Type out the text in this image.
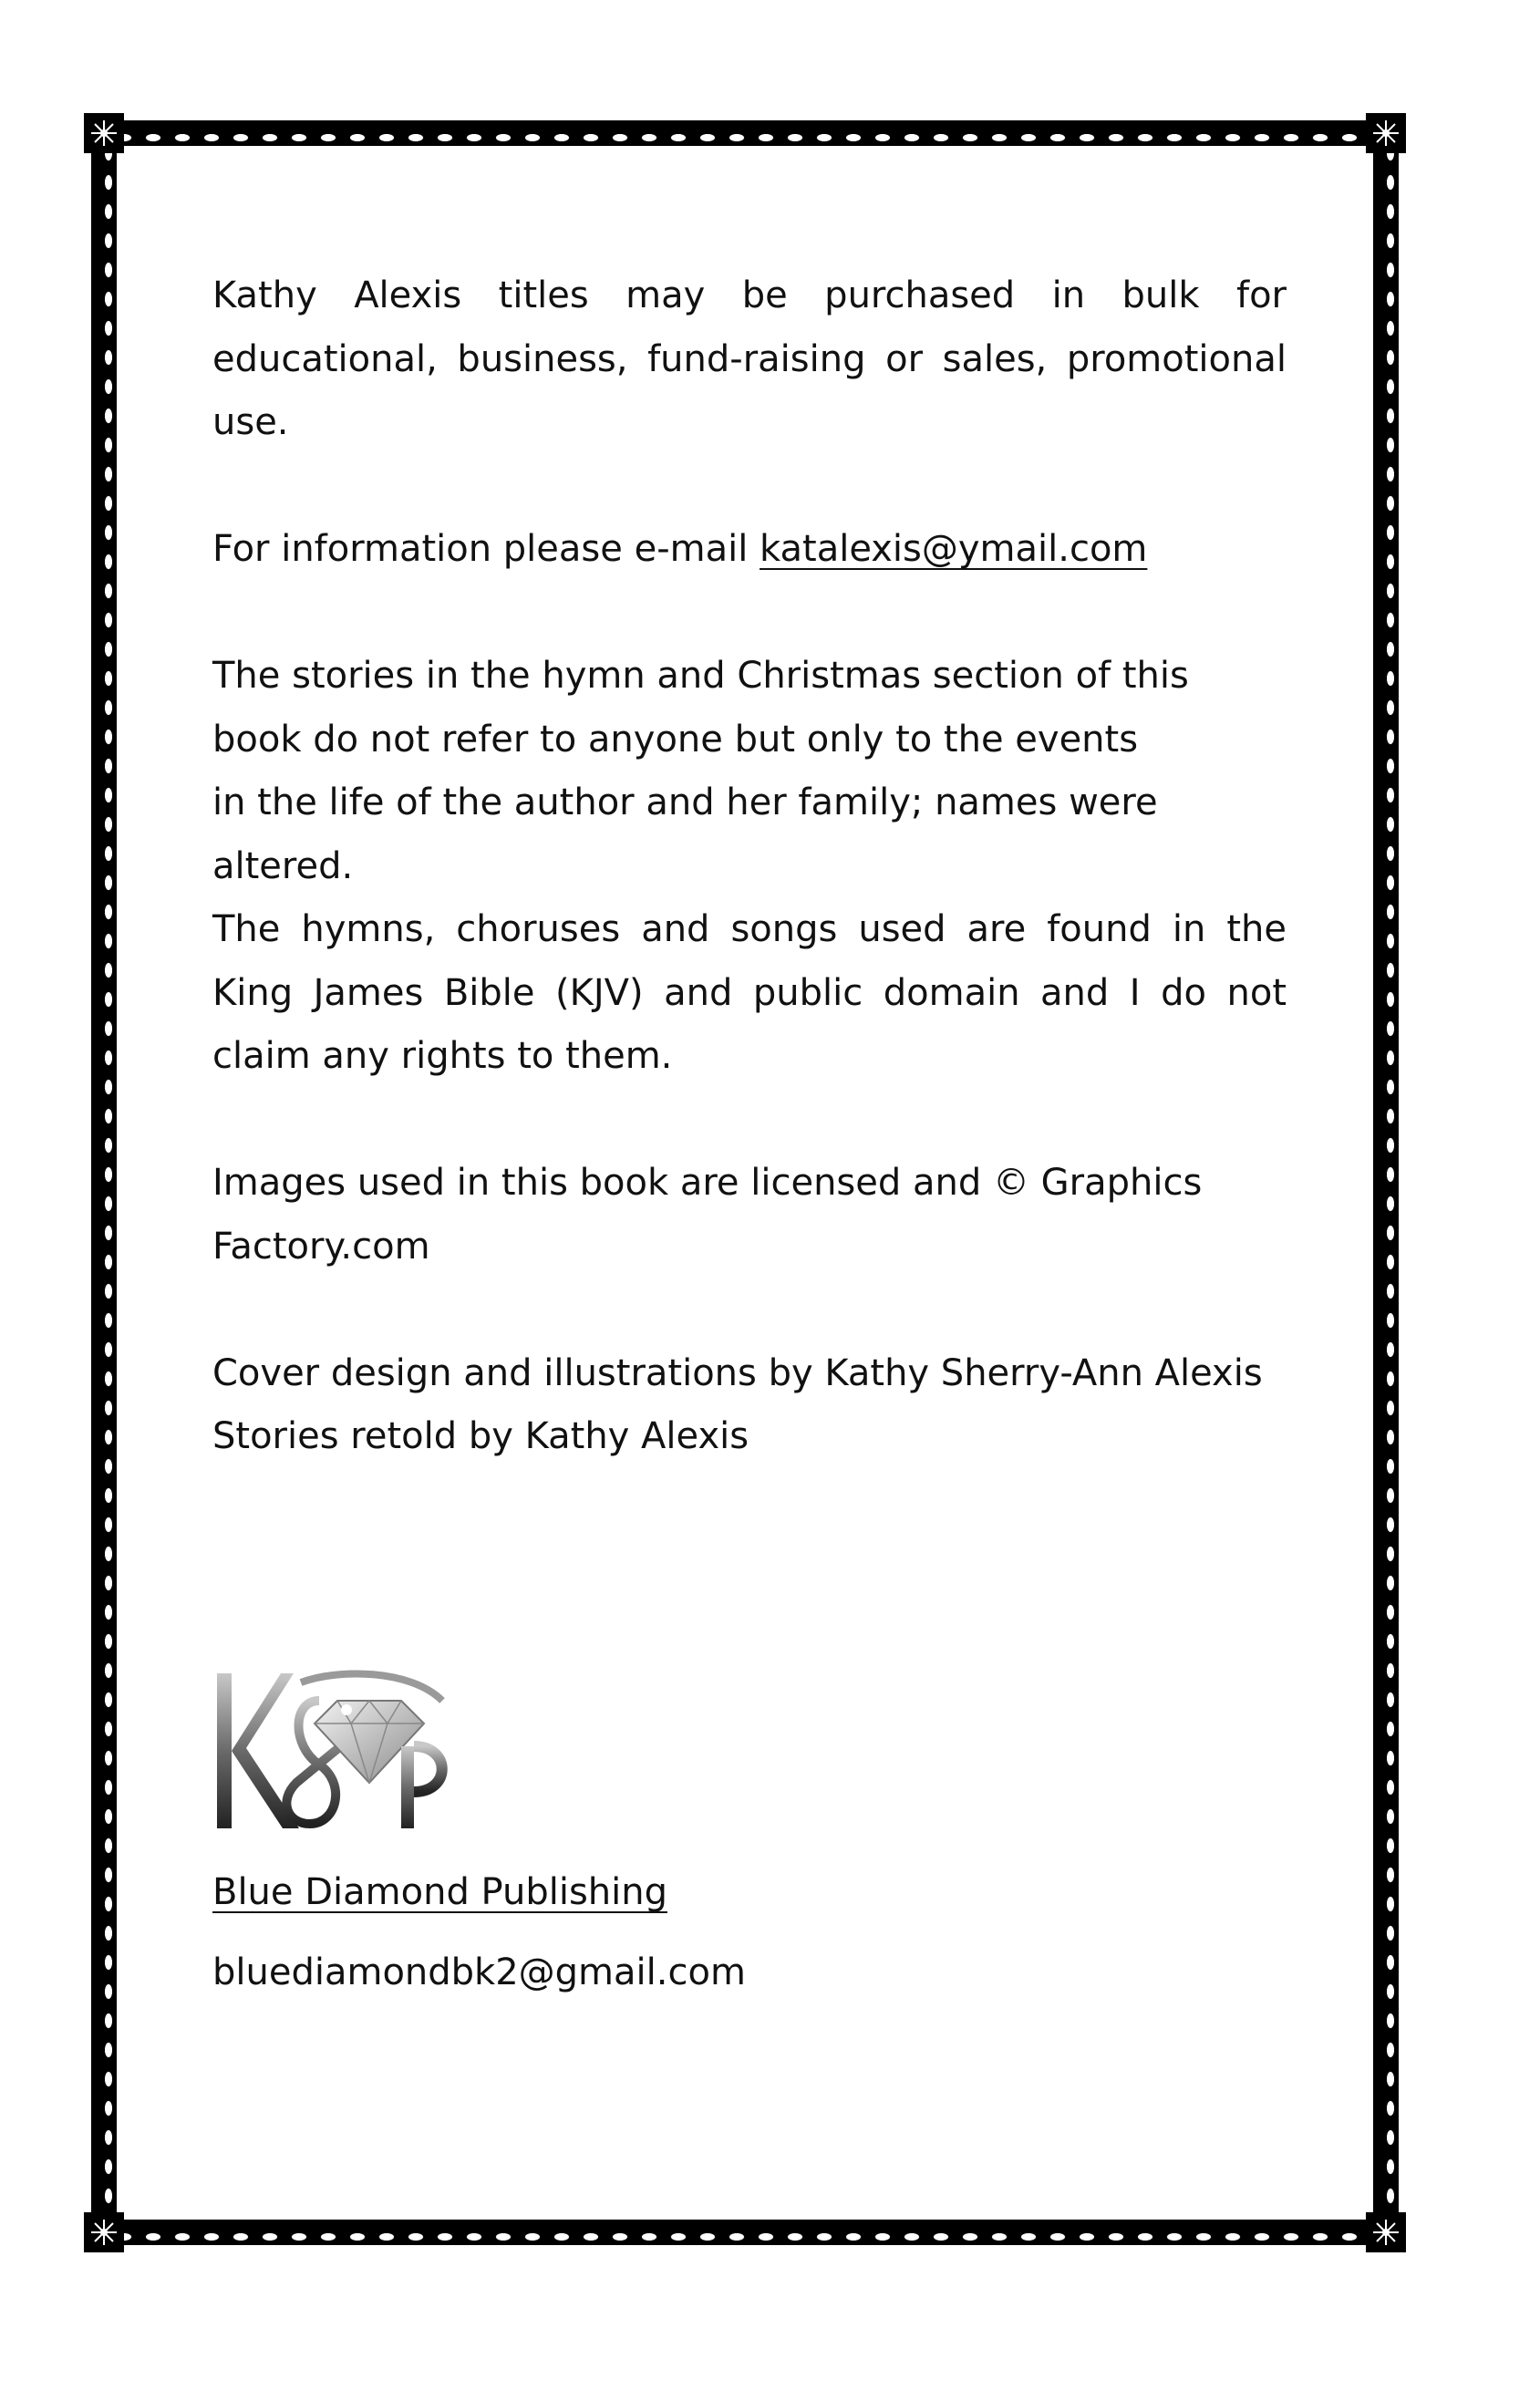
Kathy Alexis titles may be purchased in bulk for educational, business, fund-raising or sales, promotional use.

For information please e-mail katalexis@ymail.com

The stories in the hymn and Christmas section of this

book do not refer to anyone but only to the events

in the life of the author and her family; names were

altered.

The hymns, choruses and songs used are found in the King James Bible (KJV) and public domain and I do not claim any rights to them.

Images used in this book are licensed and © Graphics

Factory.com

Cover design and illustrations by Kathy Sherry-Ann Alexis

Stories retold by Kathy Alexis

Blue Diamond Publishing
bluediamondbk2@gmail.com
